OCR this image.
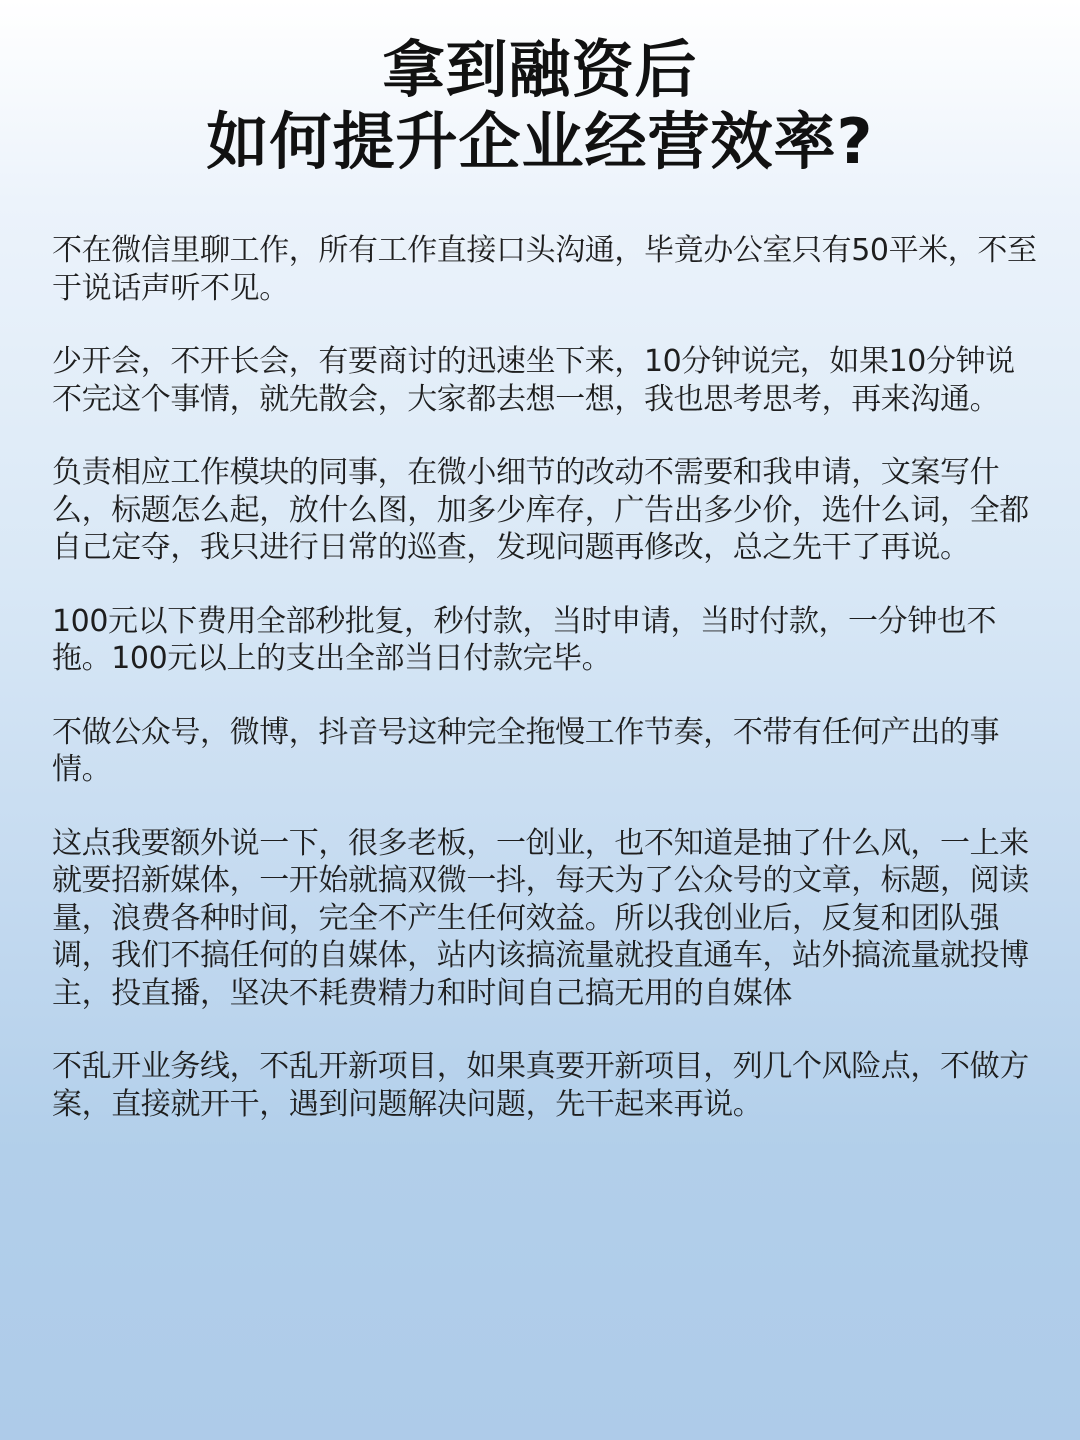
拿到融资后
如何提升企业经营效率?

不在微信里聊工作，所有工作直接口头沟通，毕竟办公室只有50平米，不至于说话声听不见。

少开会，不开长会，有要商讨的迅速坐下来，10分钟说完，如果10分钟说不完这个事情，就先散会，大家都去想一想，我也思考思考，再来沟通。

负责相应工作模块的同事，在微小细节的改动不需要和我申请，文案写什么，标题怎么起，放什么图，加多少库存，广告出多少价，选什么词，全都自己定夺，我只进行日常的巡查，发现问题再修改，总之先干了再说。

100元以下费用全部秒批复，秒付款，当时申请，当时付款，一分钟也不拖。100元以上的支出全部当日付款完毕。

不做公众号，微博，抖音号这种完全拖慢工作节奏，不带有任何产出的事情。

这点我要额外说一下，很多老板，一创业，也不知道是抽了什么风，一上来就要招新媒体，一开始就搞双微一抖，每天为了公众号的文章，标题，阅读量，浪费各种时间，完全不产生任何效益。所以我创业后，反复和团队强调，我们不搞任何的自媒体，站内该搞流量就投直通车，站外搞流量就投博主，投直播，坚决不耗费精力和时间自己搞无用的自媒体

不乱开业务线，不乱开新项目，如果真要开新项目，列几个风险点，不做方案，直接就开干，遇到问题解决问题，先干起来再说。
